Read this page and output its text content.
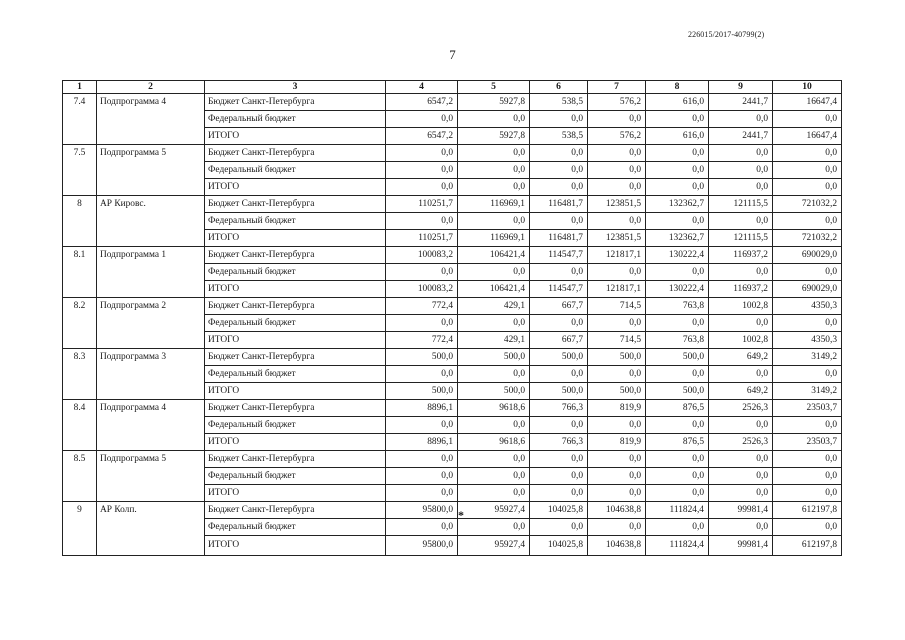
226015/2017-40799(2)
7
1	2	3	4	5	6	7	8	9	10
7.4	Подпрограмма 4	Бюджет Санкт-Петербурга	6547,2	5927,8	538,5	576,2	616,0	2441,7	16647,4
		Федеральный бюджет	0,0	0,0	0,0	0,0	0,0	0,0	0,0
		ИТОГО	6547,2	5927,8	538,5	576,2	616,0	2441,7	16647,4
7.5	Подпрограмма 5	Бюджет Санкт-Петербурга	0,0	0,0	0,0	0,0	0,0	0,0	0,0
		Федеральный бюджет	0,0	0,0	0,0	0,0	0,0	0,0	0,0
		ИТОГО	0,0	0,0	0,0	0,0	0,0	0,0	0,0
8	АР Кировс.	Бюджет Санкт-Петербурга	110251,7	116969,1	116481,7	123851,5	132362,7	121115,5	721032,2
		Федеральный бюджет	0,0	0,0	0,0	0,0	0,0	0,0	0,0
		ИТОГО	110251,7	116969,1	116481,7	123851,5	132362,7	121115,5	721032,2
8.1	Подпрограмма 1	Бюджет Санкт-Петербурга	100083,2	106421,4	114547,7	121817,1	130222,4	116937,2	690029,0
		Федеральный бюджет	0,0	0,0	0,0	0,0	0,0	0,0	0,0
		ИТОГО	100083,2	106421,4	114547,7	121817,1	130222,4	116937,2	690029,0
8.2	Подпрограмма 2	Бюджет Санкт-Петербурга	772,4	429,1	667,7	714,5	763,8	1002,8	4350,3
		Федеральный бюджет	0,0	0,0	0,0	0,0	0,0	0,0	0,0
		ИТОГО	772,4	429,1	667,7	714,5	763,8	1002,8	4350,3
8.3	Подпрограмма 3	Бюджет Санкт-Петербурга	500,0	500,0	500,0	500,0	500,0	649,2	3149,2
		Федеральный бюджет	0,0	0,0	0,0	0,0	0,0	0,0	0,0
		ИТОГО	500,0	500,0	500,0	500,0	500,0	649,2	3149,2
8.4	Подпрограмма 4	Бюджет Санкт-Петербурга	8896,1	9618,6	766,3	819,9	876,5	2526,3	23503,7
		Федеральный бюджет	0,0	0,0	0,0	0,0	0,0	0,0	0,0
		ИТОГО	8896,1	9618,6	766,3	819,9	876,5	2526,3	23503,7
8.5	Подпрограмма 5	Бюджет Санкт-Петербурга	0,0	0,0	0,0	0,0	0,0	0,0	0,0
		Федеральный бюджет	0,0	0,0	0,0	0,0	0,0	0,0	0,0
		ИТОГО	0,0	0,0	0,0	0,0	0,0	0,0	0,0
9	АР Колп.	Бюджет Санкт-Петербурга	95800,0	95927,4	104025,8	104638,8	111824,4	99981,4	612197,8
		Федеральный бюджет	0,0	0,0	0,0	0,0	0,0	0,0	0,0
		ИТОГО	95800,0	95927,4	104025,8	104638,8	111824,4	99981,4	612197,8
*
